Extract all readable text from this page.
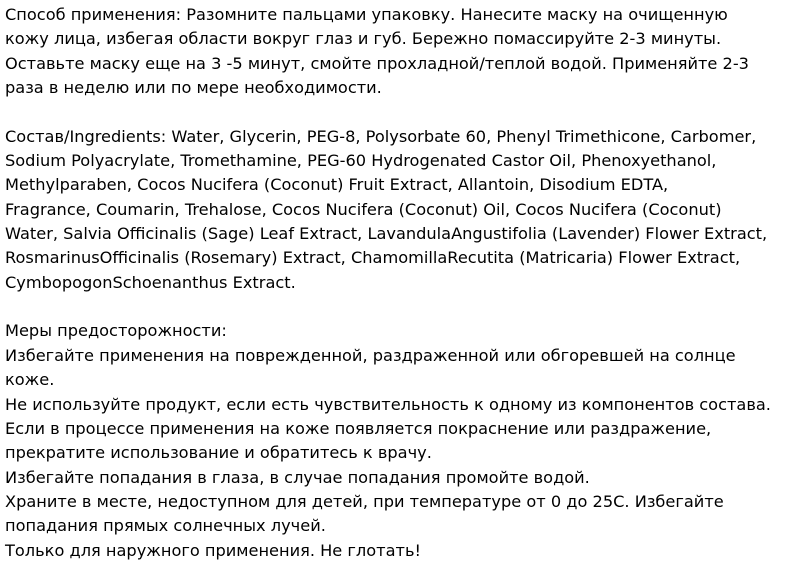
Способ применения: Разомните пальцами упаковку. Нанесите маску на очищенную
кожу лица, избегая области вокруг глаз и губ. Бережно помассируйте 2-3 минуты.
Оставьте маску еще на 3 -5 минут, смойте прохладной/теплой водой. Применяйте 2-3
раза в неделю или по мере необходимости.
Состав/Ingredients: Water, Glycerin, PEG-8, Polysorbate 60, Phenyl Trimethicone, Carbomer,
Sodium Polyacrylate, Tromethamine, PEG-60 Hydrogenated Castor Oil, Phenoxyethanol,
Methylparaben, Cocos Nucifera (Coconut) Fruit Extract, Allantoin, Disodium EDTA,
Fragrance, Coumarin, Trehalose, Cocos Nucifera (Coconut) Oil, Cocos Nucifera (Coconut)
Water, Salvia Officinalis (Sage) Leaf Extract, LavandulaAngustifolia (Lavender) Flower Extract,
RosmarinusOfficinalis (Rosemary) Extract, ChamomillaRecutita (Matricaria) Flower Extract,
CymbopogonSchoenanthus Extract.
Меры предосторожности:
Избегайте применения на поврежденной, раздраженной или обгоревшей на солнце
коже.
Не используйте продукт, если есть чувствительность к одному из компонентов состава.
Если в процессе применения на коже появляется покраснение или раздражение,
прекратите использование и обратитесь к врачу.
Избегайте попадания в глаза, в случае попадания промойте водой.
Храните в месте, недоступном для детей, при температуре от 0 до 25С. Избегайте
попадания прямых солнечных лучей.
Только для наружного применения. Не глотать!
